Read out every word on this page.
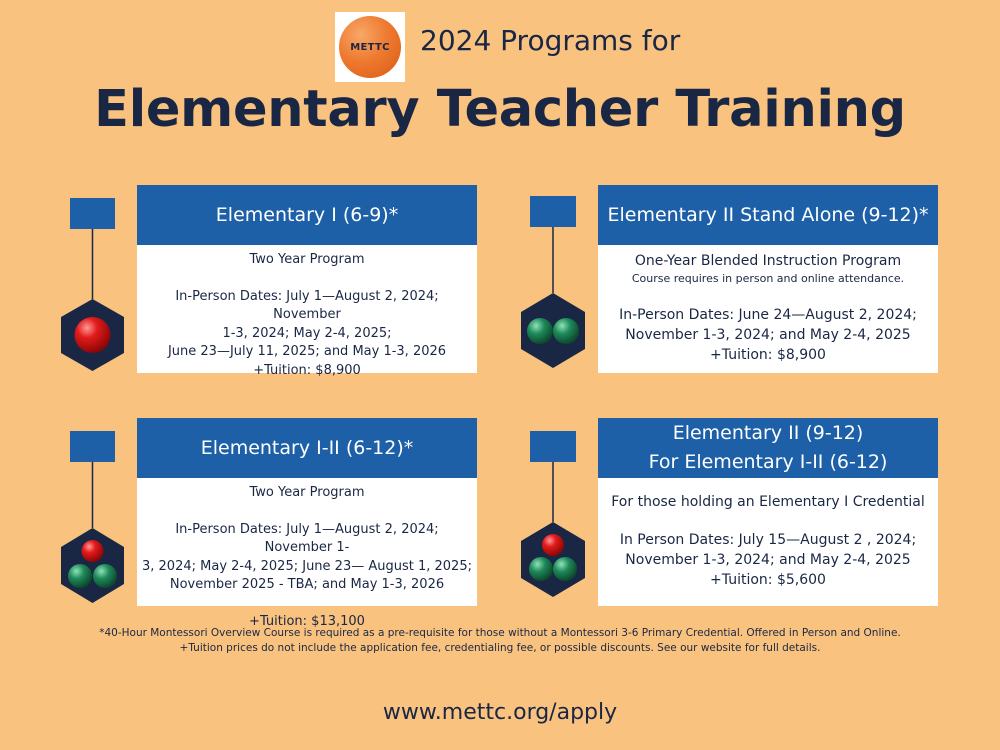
METTC 2024 Programs for
Elementary Teacher Training
Elementary I (6-9)*
Two Year Program
In-Person Dates: July 1—August 2, 2024; November
1-3, 2024; May 2-4, 2025;
June 23—July 11, 2025; and May 1-3, 2026
+Tuition: $8,900
Elementary II Stand Alone (9-12)*
One-Year Blended Instruction Program
Course requires in person and online attendance.
In-Person Dates: June 24—August 2, 2024;
November 1-3, 2024; and May 2-4, 2025
+Tuition: $8,900
Elementary I-II (6-12)*
Two Year Program
In-Person Dates: July 1—August 2, 2024; November 1-
3, 2024; May 2-4, 2025; June 23— August 1, 2025;
November 2025 - TBA; and May 1-3, 2026
+Tuition: $13,100
Elementary II (9-12)
For Elementary I-II (6-12)
For those holding an Elementary I Credential
In Person Dates: July 15—August 2 , 2024;
November 1-3, 2024; and May 2-4, 2025
+Tuition: $5,600
*40-Hour Montessori Overview Course is required as a pre-requisite for those without a Montessori 3-6 Primary Credential. Offered in Person and Online.
+Tuition prices do not include the application fee, credentialing fee, or possible discounts. See our website for full details.
www.mettc.org/apply
